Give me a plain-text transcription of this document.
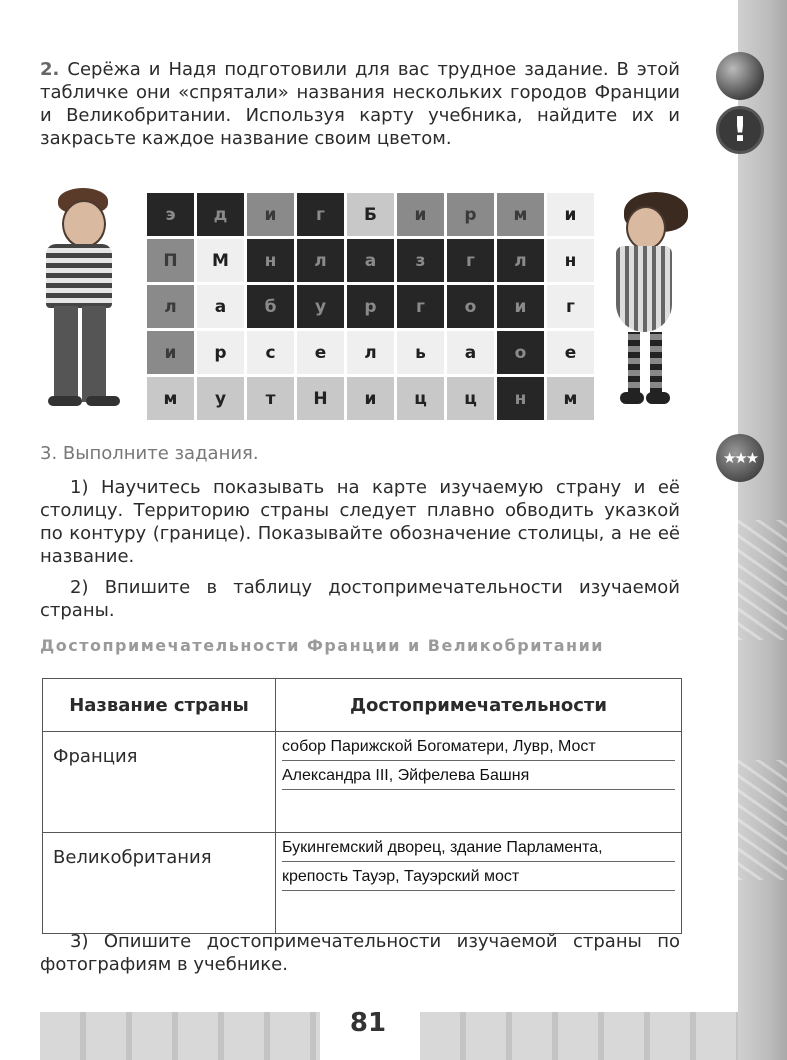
!
★★★
2. Серёжа и Надя подготовили для вас трудное задание. В этой табличке они «спрятали» названия нескольких городов Франции и Великобритании. Используя карту учебника, найдите их и закрасьте каждое название своим цветом.
э	д	и	г	Б	и	р	м	и
П	М	н	л	а	з	г	л	н
л	а	б	у	р	г	о	и	г
и	р	с	е	л	ь	а	о	е
м	у	т	Н	и	ц	ц	н	м
3. Выполните задания.
1) Научитесь показывать на карте изучаемую страну и её столицу. Территорию страны следует плавно обводить указкой по контуру (границе). Показывайте обозначение столицы, а не её название.
2) Впишите в таблицу достопримечательности изучаемой страны.
Достопримечательности Франции и Великобритании
Название страны	Достопримечательности
Франция	собор Парижской Богоматери, Лувр, Мост
Александра III, Эйфелева Башня

Великобритания	Букингемский дворец, здание Парламента,
крепость Тауэр, Тауэрский мост
3) Опишите достопримечательности изучаемой страны по фотографиям в учебнике.
81
